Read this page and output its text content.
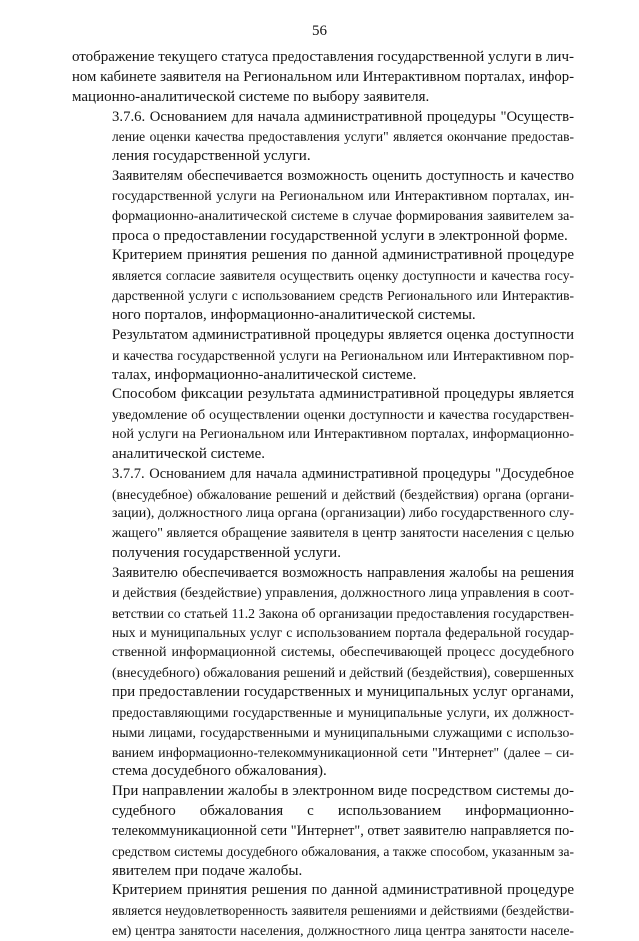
56

отображение текущего статуса предоставления государственной услуги в лич-
ном кабинете заявителя на Региональном или Интерактивном порталах, инфор-
мационно-аналитической системе по выбору заявителя.

3.7.6. Основанием для начала административной процедуры "Осуществ-
ление оценки качества предоставления услуги" является окончание предостав-
ления государственной услуги.

Заявителям обеспечивается возможность оценить доступность и качество
государственной услуги на Региональном или Интерактивном порталах, ин-
формационно-аналитической системе в случае формирования заявителем за-
проса о предоставлении государственной услуги в электронной форме.

Критерием принятия решения по данной административной процедуре
является согласие заявителя осуществить оценку доступности и качества госу-
дарственной услуги с использованием средств Регионального или Интерактив-
ного порталов, информационно-аналитической системы.

Результатом административной процедуры является оценка доступности
и качества государственной услуги на Региональном или Интерактивном пор-
талах, информационно-аналитической системе.

Способом фиксации результата административной процедуры является
уведомление об осуществлении оценки доступности и качества государствен-
ной услуги на Региональном или Интерактивном порталах, информационно-
аналитической системе.

3.7.7. Основанием для начала административной процедуры "Досудебное
(внесудебное) обжалование решений и действий (бездействия) органа (органи-
зации), должностного лица органа (организации) либо государственного слу-
жащего" является обращение заявителя в центр занятости населения с целью
получения государственной услуги.

Заявителю обеспечивается возможность направления жалобы на решения
и действия (бездействие) управления, должностного лица управления в соот-
ветствии со статьей 11.2 Закона об организации предоставления государствен-
ных и муниципальных услуг с использованием портала федеральной государ-
ственной информационной системы, обеспечивающей процесс досудебного
(внесудебного) обжалования решений и действий (бездействия), совершенных
при предоставлении государственных и муниципальных услуг органами,
предоставляющими государственные и муниципальные услуги, их должност-
ными лицами, государственными и муниципальными служащими с использо-
ванием информационно-телекоммуникационной сети "Интернет" (далее – си-
стема досудебного обжалования).

При направлении жалобы в электронном виде посредством системы до-
судебного обжалования с использованием информационно-
телекоммуникационной сети "Интернет", ответ заявителю направляется по-
средством системы досудебного обжалования, а также способом, указанным за-
явителем при подаче жалобы.

Критерием принятия решения по данной административной процедуре
является неудовлетворенность заявителя решениями и действиями (бездействи-
ем) центра занятости населения, должностного лица центра занятости населе-
